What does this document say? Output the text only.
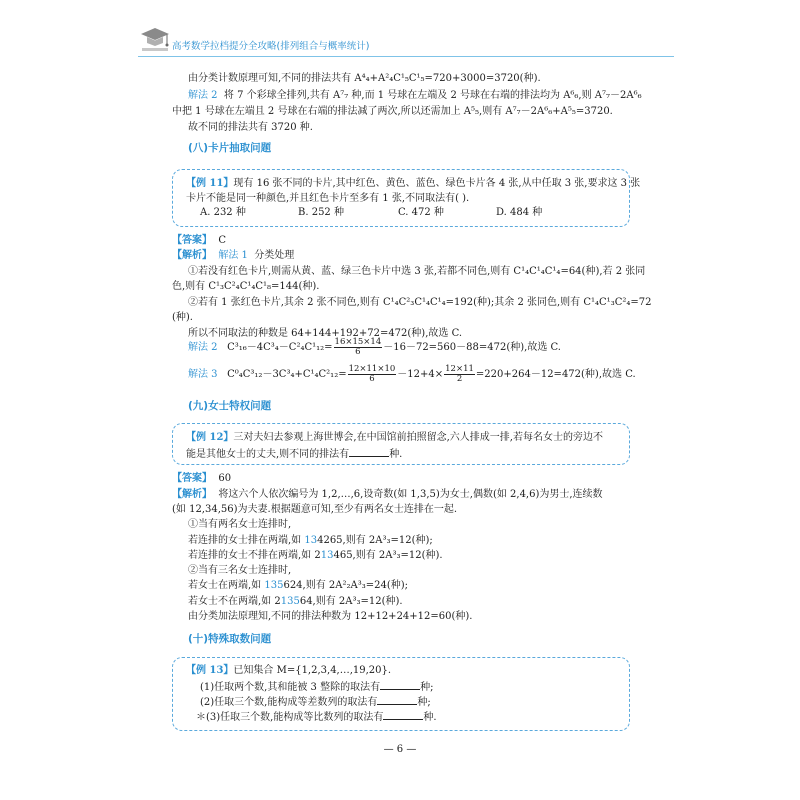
高考数学拉档提分全攻略(排列组合与概率统计)
由分类计数原理可知,不同的排法共有 A⁴₄+A²₄C¹₅C¹₅=720+3000=3720(种).
解法 2 将 7 个彩球全排列,共有 A⁷₇ 种,而 1 号球在左端及 2 号球在右端的排法均为 A⁶₆,则 A⁷₇－2A⁶₆
中把 1 号球在左端且 2 号球在右端的排法减了两次,所以还需加上 A⁵₅,则有 A⁷₇－2A⁶₆+A⁵₅=3720.
故不同的排法共有 3720 种.
(八)卡片抽取问题
【例 11】现有 16 张不同的卡片,其中红色、黄色、蓝色、绿色卡片各 4 张,从中任取 3 张,要求这 3 张
卡片不能是同一种颜色,并且红色卡片至多有 1 张,不同取法有( ).
A. 232 种	B. 252 种	C. 472 种	D. 484 种
【答案】 C
【解析】 解法 1 分类处理
①若没有红色卡片,则需从黄、蓝、绿三色卡片中选 3 张,若都不同色,则有 C¹₄C¹₄C¹₄=64(种),若 2 张同
色,则有 C¹₃C²₄C¹₄C¹₈=144(种).
②若有 1 张红色卡片,其余 2 张不同色,则有 C¹₄C²₃C¹₄C¹₄=192(种);其余 2 张同色,则有 C¹₄C¹₃C²₄=72
(种).
所以不同取法的种数是 64+144+192+72=472(种),故选 C.
解法 2 $C^3_{16}-4C^3_4-C^2_4C^1_{12}= \frac{16\times 15\times 14}{6} -16-72=560-88=472$(种),故选 C.
解法 3 $C^0_4C^3_{12}-3C^3_4+C^1_4C^2_{12}= \frac{12\times 11\times 10}{6} -12+4\times \frac{12\times 11}{2} =220+264-12=472$(种),故选 C.
(九)女士特权问题
【例 12】三对夫妇去参观上海世博会,在中国馆前拍照留念,六人排成一排,若每名女士的旁边不
能是其他女士的丈夫,则不同的排法有	种.
【答案】 60
【解析】 将这六个人依次编号为 1,2,…,6,设奇数(如 1,3,5)为女士,偶数(如 2,4,6)为男士,连续数
(如 12,34,56)为夫妻.根据题意可知,至少有两名女士连排在一起.
①当有两名女士连排时,
若连排的女士排在两端,如 134265,则有 2A³₃=12(种);
若连排的女士不排在两端,如 213465,则有 2A³₃=12(种).
②当有三名女士连排时,
若女士在两端,如 135624,则有 2A²₂A³₃=24(种);
若女士不在两端,如 213564,则有 2A³₃=12(种).
由分类加法原理知,不同的排法种数为 12+12+24+12=60(种).
(十)特殊取数问题
【例 13】已知集合 M={1,2,3,4,…,19,20}.
(1)任取两个数,其和能被 3 整除的取法有	种;
(2)任取三个数,能构成等差数列的取法有	种;
＊(3)任取三个数,能构成等比数列的取法有	种.
— 6 —
